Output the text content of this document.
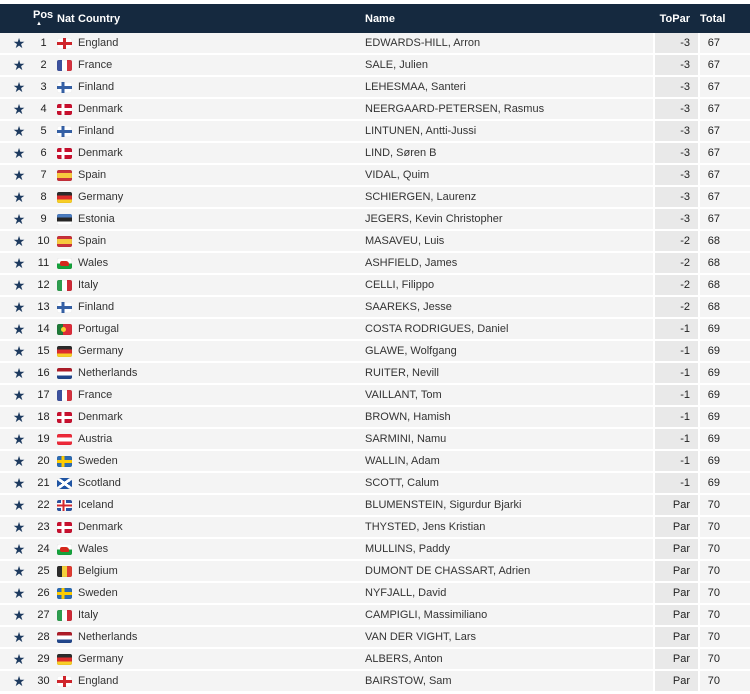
Pos
▲ Nat Country	Name	ToPar Total
★	1	England	EDWARDS-HILL, Arron	-3	67
★	2	France	SALE, Julien	-3	67
★	3	Finland	LEHESMAA, Santeri	-3	67
★	4	Denmark	NEERGAARD-PETERSEN, Rasmus	-3	67
★	5	Finland	LINTUNEN, Antti-Jussi	-3	67
★	6	Denmark	LIND, Søren B	-3	67
★	7	Spain	VIDAL, Quim	-3	67
★	8	Germany	SCHIERGEN, Laurenz	-3	67
★	9	Estonia	JEGERS, Kevin Christopher	-3	67
★	10	Spain	MASAVEU, Luis	-2	68
★	11	Wales	ASHFIELD, James	-2	68
★	12	Italy	CELLI, Filippo	-2	68
★	13	Finland	SAAREKS, Jesse	-2	68
★	14	Portugal	COSTA RODRIGUES, Daniel	-1	69
★	15	Germany	GLAWE, Wolfgang	-1	69
★	16	Netherlands	RUITER, Nevill	-1	69
★	17	France	VAILLANT, Tom	-1	69
★	18	Denmark	BROWN, Hamish	-1	69
★	19	Austria	SARMINI, Namu	-1	69
★	20	Sweden	WALLIN, Adam	-1	69
★	21	Scotland	SCOTT, Calum	-1	69
★	22	Iceland	BLUMENSTEIN, Sigurdur Bjarki	Par	70
★	23	Denmark	THYSTED, Jens Kristian	Par	70
★	24	Wales	MULLINS, Paddy	Par	70
★	25	Belgium	DUMONT DE CHASSART, Adrien	Par	70
★	26	Sweden	NYFJALL, David	Par	70
★	27	Italy	CAMPIGLI, Massimiliano	Par	70
★	28	Netherlands	VAN DER VIGHT, Lars	Par	70
★	29	Germany	ALBERS, Anton	Par	70
★	30	England	BAIRSTOW, Sam	Par	70
